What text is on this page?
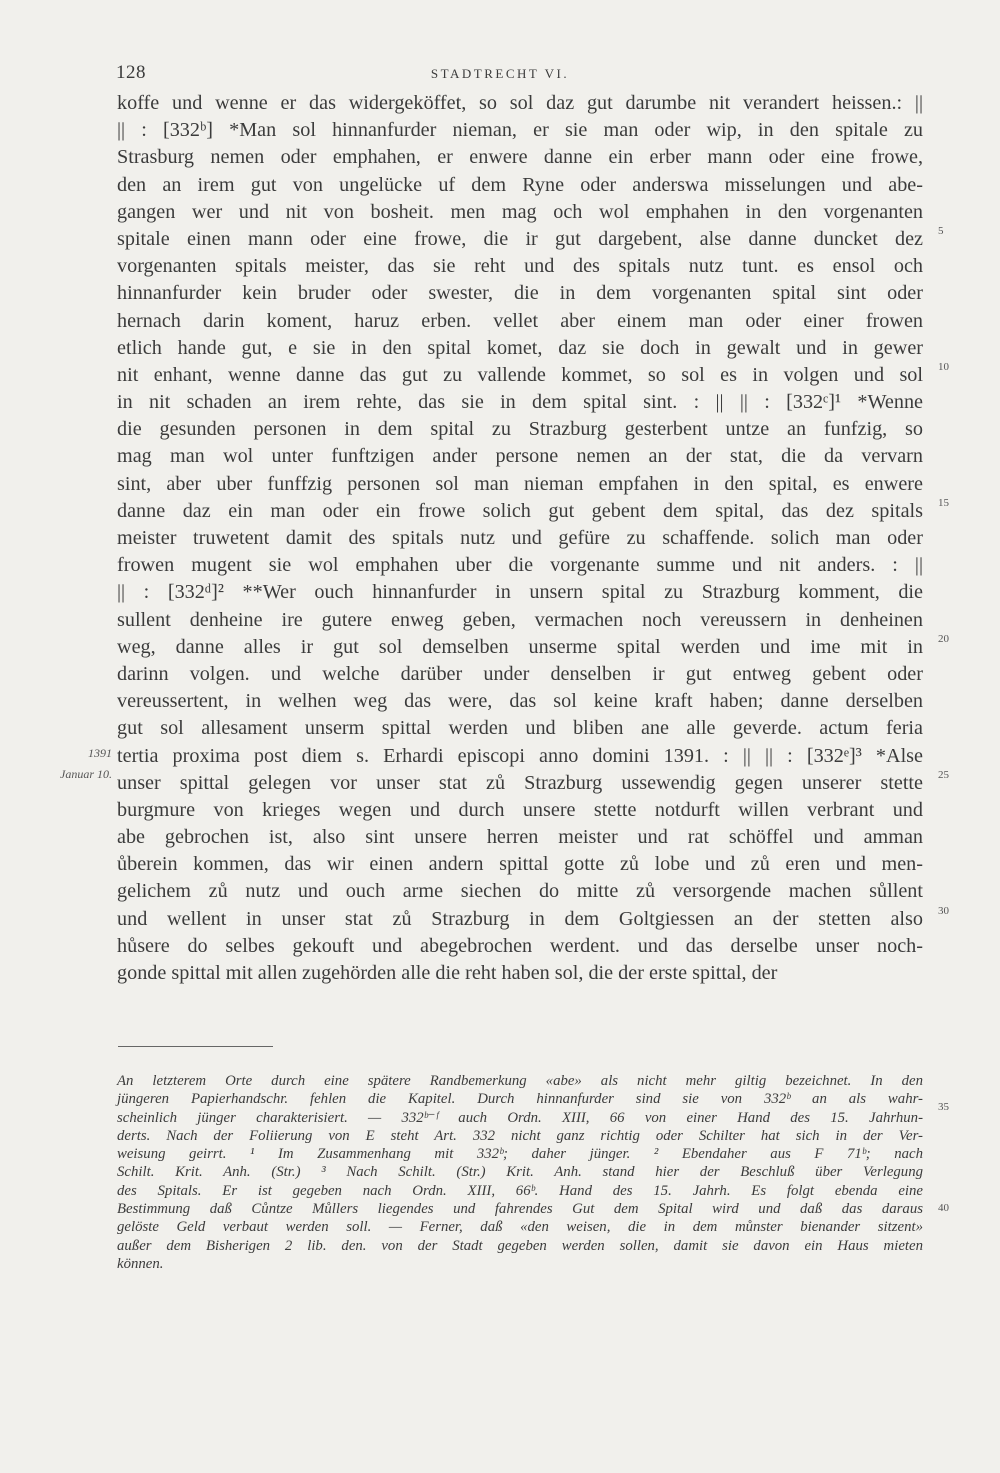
128	STADTRECHT VI.
koffe und wenne er das widergeköffet, so sol daz gut darumbe nit verandert heissen.: ||
|| : [332ᵇ] *Man sol hinnanfurder nieman, er sie man oder wip, in den spitale zu
Strasburg nemen oder emphahen, er enwere danne ein erber mann oder eine frowe,
den an irem gut von ungelücke uf dem Ryne oder anderswa misselungen und abe-
gangen wer und nit von bosheit. men mag och wol emphahen in den vorgenanten
spitale einen mann oder eine frowe, die ir gut dargebent, alse danne duncket dez
vorgenanten spitals meister, das sie reht und des spitals nutz tunt. es ensol och
hinnanfurder kein bruder oder swester, die in dem vorgenanten spital sint oder
hernach darin koment, haruz erben. vellet aber einem man oder einer frowen
etlich hande gut, e sie in den spital komet, daz sie doch in gewalt und in gewer
nit enhant, wenne danne das gut zu vallende kommet, so sol es in volgen und sol
in nit schaden an irem rehte, das sie in dem spital sint. : || || : [332ᶜ]¹ *Wenne
die gesunden personen in dem spital zu Strazburg gesterbent untze an funfzig, so
mag man wol unter funftzigen ander persone nemen an der stat, die da vervarn
sint, aber uber funffzig personen sol man nieman empfahen in den spital, es enwere
danne daz ein man oder ein frowe solich gut gebent dem spital, das dez spitals
meister truwetent damit des spitals nutz und gefüre zu schaffende. solich man oder
frowen mugent sie wol emphahen uber die vorgenante summe und nit anders. : ||
|| : [332ᵈ]² **Wer ouch hinnanfurder in unsern spital zu Strazburg komment, die
sullent denheine ire gutere enweg geben, vermachen noch vereussern in denheinen
weg, danne alles ir gut sol demselben unserme spital werden und ime mit in
darinn volgen. und welche darüber under denselben ir gut entweg gebent oder
vereussertent, in welhen weg das were, das sol keine kraft haben; danne derselben
gut sol allesament unserm spittal werden und bliben ane alle geverde. actum feria
tertia proxima post diem s. Erhardi episcopi anno domini 1391. : || || : [332ᵉ]³ *Alse
unser spittal gelegen vor unser stat zů Strazburg ussewendig gegen unserer stette
burgmure von krieges wegen und durch unsere stette notdurft willen verbrant und
abe gebrochen ist, also sint unsere herren meister und rat schöffel und amman
ůberein kommen, das wir einen andern spittal gotte zů lobe und zů eren und men-
gelichem zů nutz und ouch arme siechen do mitte zů versorgende machen sůllent
und wellent in unser stat zů Strazburg in dem Goltgiessen an der stetten also
hůsere do selbes gekouft und abegebrochen werdent. und das derselbe unser noch-
gonde spittal mit allen zugehörden alle die reht haben sol, die der erste spittal, der
5
10
15
20
25
30
1391
Januar 10.
An letzterem Orte durch eine spätere Randbemerkung «abe» als nicht mehr giltig bezeichnet. In den
jüngeren Papierhandschr. fehlen die Kapitel. Durch hinnanfurder sind sie von 332ᵇ an als wahr-
scheinlich jünger charakterisiert. — 332ᵇ⁻ᶠ auch Ordn. XIII, 66 von einer Hand des 15. Jahrhun-
derts. Nach der Foliierung von E steht Art. 332 nicht ganz richtig oder Schilter hat sich in der Ver-
weisung geirrt. ¹ Im Zusammenhang mit 332ᵇ; daher jünger. ² Ebendaher aus F 71ᵇ; nach
Schilt. Krit. Anh. (Str.) ³ Nach Schilt. (Str.) Krit. Anh. stand hier der Beschluß über Verlegung
des Spitals. Er ist gegeben nach Ordn. XIII, 66ᵇ. Hand des 15. Jahrh. Es folgt ebenda eine
Bestimmung daß Cůntze Můllers liegendes und fahrendes Gut dem Spital wird und daß das daraus
gelöste Geld verbaut werden soll. — Ferner, daß «den weisen, die in dem můnster bienander sitzent»
außer dem Bisherigen 2 lib. den. von der Stadt gegeben werden sollen, damit sie davon ein Haus mieten
können.
35
40
